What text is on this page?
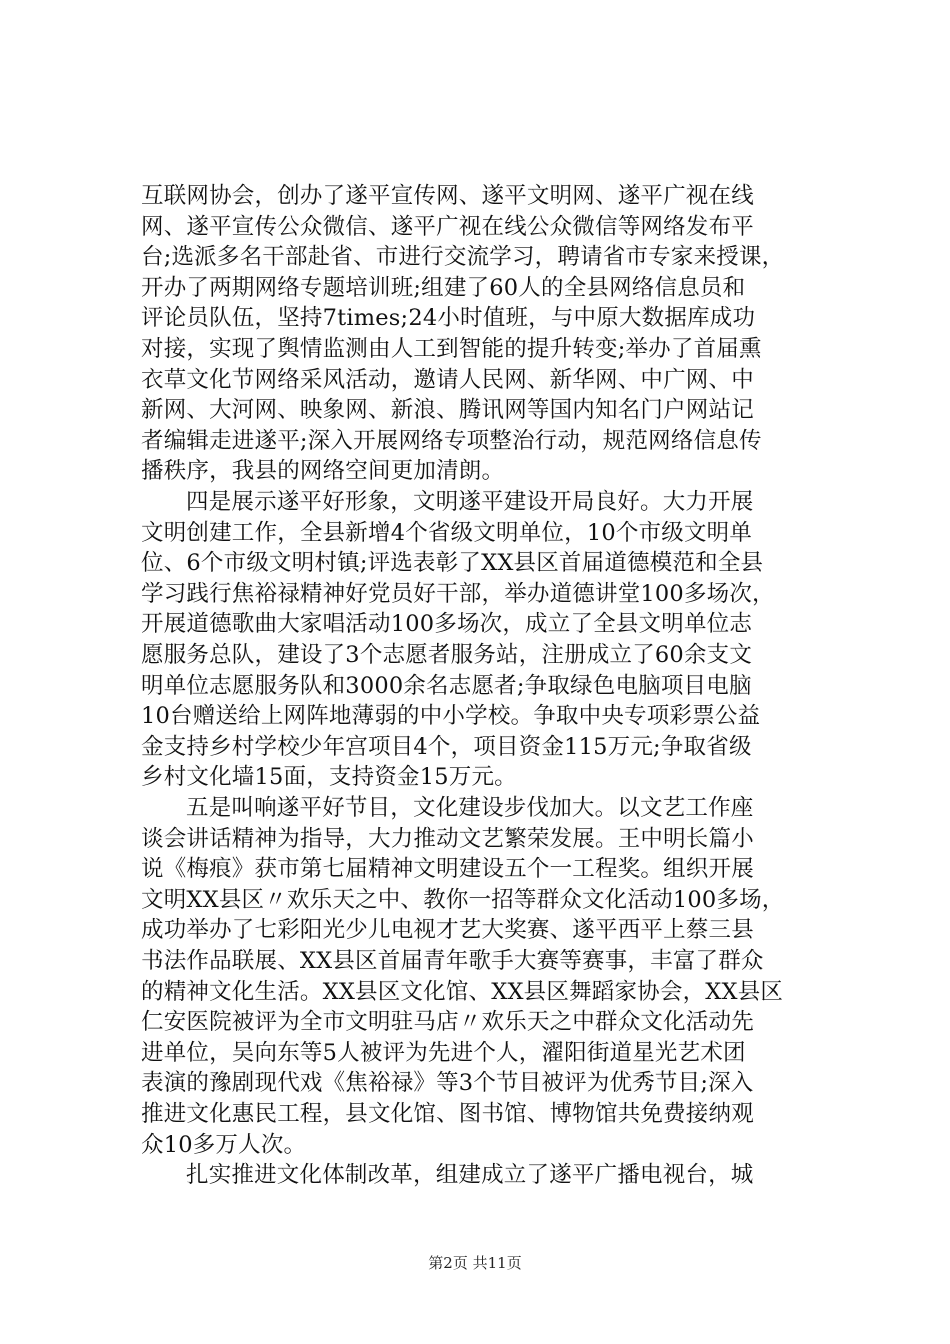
互联网协会，创办了遂平宣传网、遂平文明网、遂平广视在线
网、遂平宣传公众微信、遂平广视在线公众微信等网络发布平
台;选派多名干部赴省、市进行交流学习，聘请省市专家来授课，
开办了两期网络专题培训班;组建了60人的全县网络信息员和
评论员队伍，坚持7times;24小时值班，与中原大数据库成功
对接，实现了舆情监测由人工到智能的提升转变;举办了首届熏
衣草文化节网络采风活动，邀请人民网、新华网、中广网、中
新网、大河网、映象网、新浪、腾讯网等国内知名门户网站记
者编辑走进遂平;深入开展网络专项整治行动，规范网络信息传
播秩序，我县的网络空间更加清朗。
四是展示遂平好形象，文明遂平建设开局良好。大力开展
文明创建工作，全县新增4个省级文明单位，10个市级文明单
位、6个市级文明村镇;评选表彰了XX县区首届道德模范和全县
学习践行焦裕禄精神好党员好干部，举办道德讲堂100多场次，
开展道德歌曲大家唱活动100多场次，成立了全县文明单位志
愿服务总队，建设了3个志愿者服务站，注册成立了60余支文
明单位志愿服务队和3000余名志愿者;争取绿色电脑项目电脑
10台赠送给上网阵地薄弱的中小学校。争取中央专项彩票公益
金支持乡村学校少年宫项目4个，项目资金115万元;争取省级
乡村文化墙15面，支持资金15万元。
五是叫响遂平好节目，文化建设步伐加大。以文艺工作座
谈会讲话精神为指导，大力推动文艺繁荣发展。王中明长篇小
说《梅痕》获市第七届精神文明建设五个一工程奖。组织开展
文明XX县区〃欢乐天之中、教你一招等群众文化活动100多场，
成功举办了七彩阳光少儿电视才艺大奖赛、遂平西平上蔡三县
书法作品联展、XX县区首届青年歌手大赛等赛事，丰富了群众
的精神文化生活。XX县区文化馆、XX县区舞蹈家协会，XX县区
仁安医院被评为全市文明驻马店〃欢乐天之中群众文化活动先
进单位，吴向东等5人被评为先进个人，濯阳街道星光艺术团
表演的豫剧现代戏《焦裕禄》等3个节目被评为优秀节目;深入
推进文化惠民工程，县文化馆、图书馆、博物馆共免费接纳观
众10多万人次。
扎实推进文化体制改革，组建成立了遂平广播电视台，城
第2页 共11页
